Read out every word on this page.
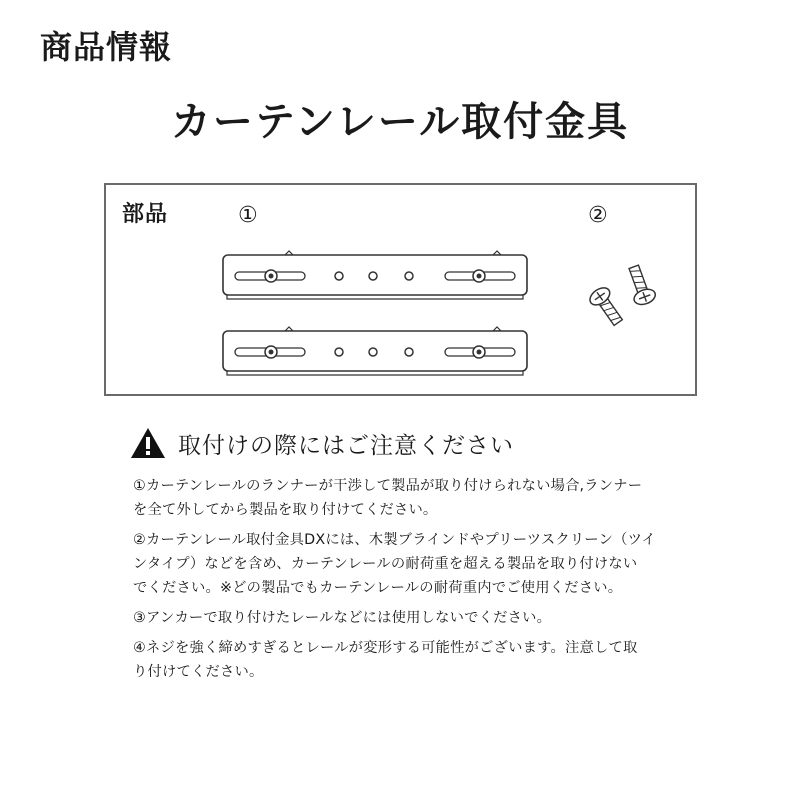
商品情報
カーテンレール取付金具
部品	①	②
取付けの際にはご注意ください
①カーテンレールのランナーが干渉して製品が取り付けられない場合,ランナー
を全て外してから製品を取り付けてください。
②カーテンレール取付金具DXには、木製ブラインドやプリーツスクリーン（ツイ
ンタイプ）などを含め、カーテンレールの耐荷重を超える製品を取り付けない
でください。※どの製品でもカーテンレールの耐荷重内でご使用ください。
③アンカーで取り付けたレールなどには使用しないでください。
④ネジを強く締めすぎるとレールが変形する可能性がございます。注意して取
り付けてください。
